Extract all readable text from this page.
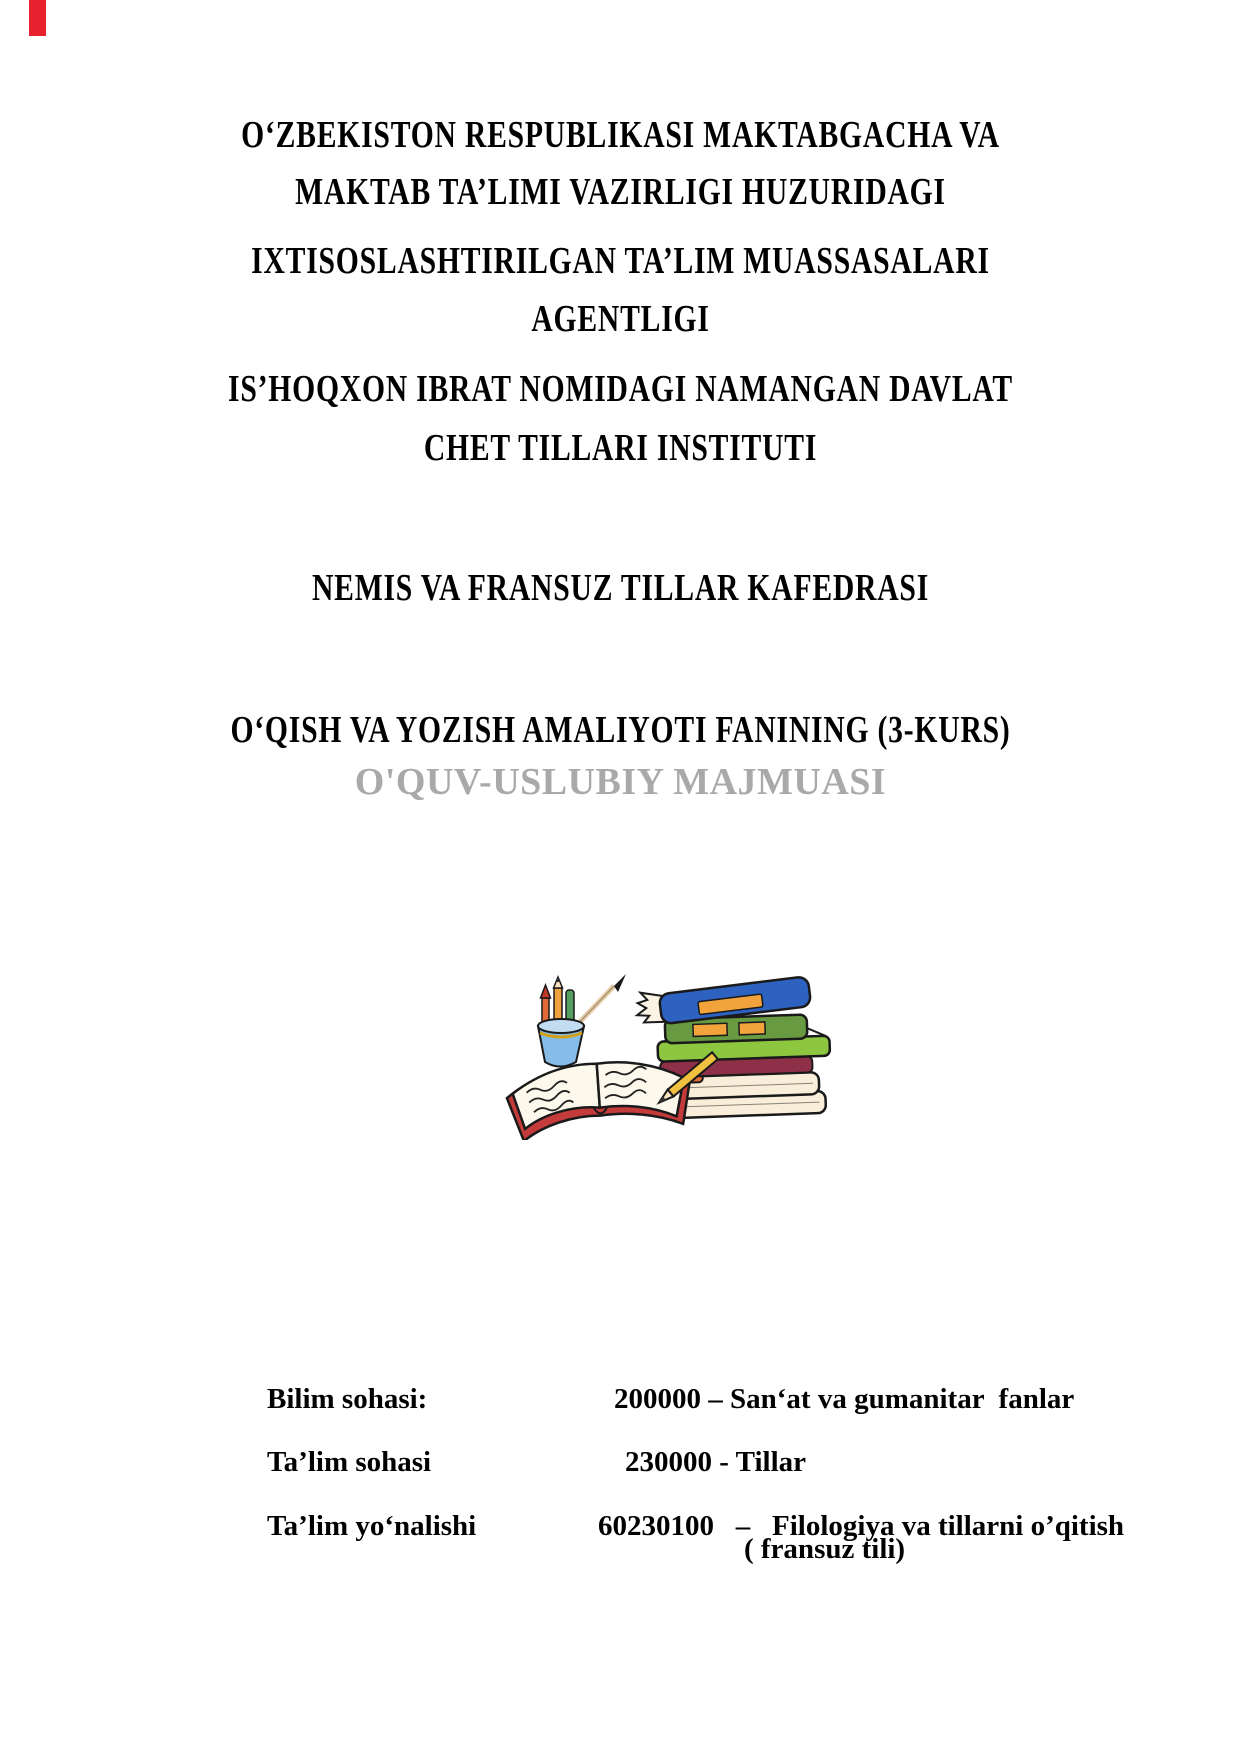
O‘ZBEKISTON RESPUBLIKASI MAKTABGACHA VA
MAKTAB TA’LIMI VAZIRLIGI HUZURIDAGI
IXTISOSLASHTIRILGAN TA’LIM MUASSASALARI
AGENTLIGI
IS’HOQXON IBRAT NOMIDAGI NAMANGAN DAVLAT
CHET TILLARI INSTITUTI
NEMIS VA FRANSUZ TILLAR KAFEDRASI
O‘QISH VA YOZISH AMALIYOTI FANINING (3-KURS)
O'QUV-USLUBIY MAJMUASI

Bilim sohasi:	200000 – San‘at va gumanitar  fanlar

Ta’lim sohasi	230000 - Tillar

Ta’lim yo‘nalishi	60230100   –   Filologiya va tillarni o’qitish

( fransuz tili)
